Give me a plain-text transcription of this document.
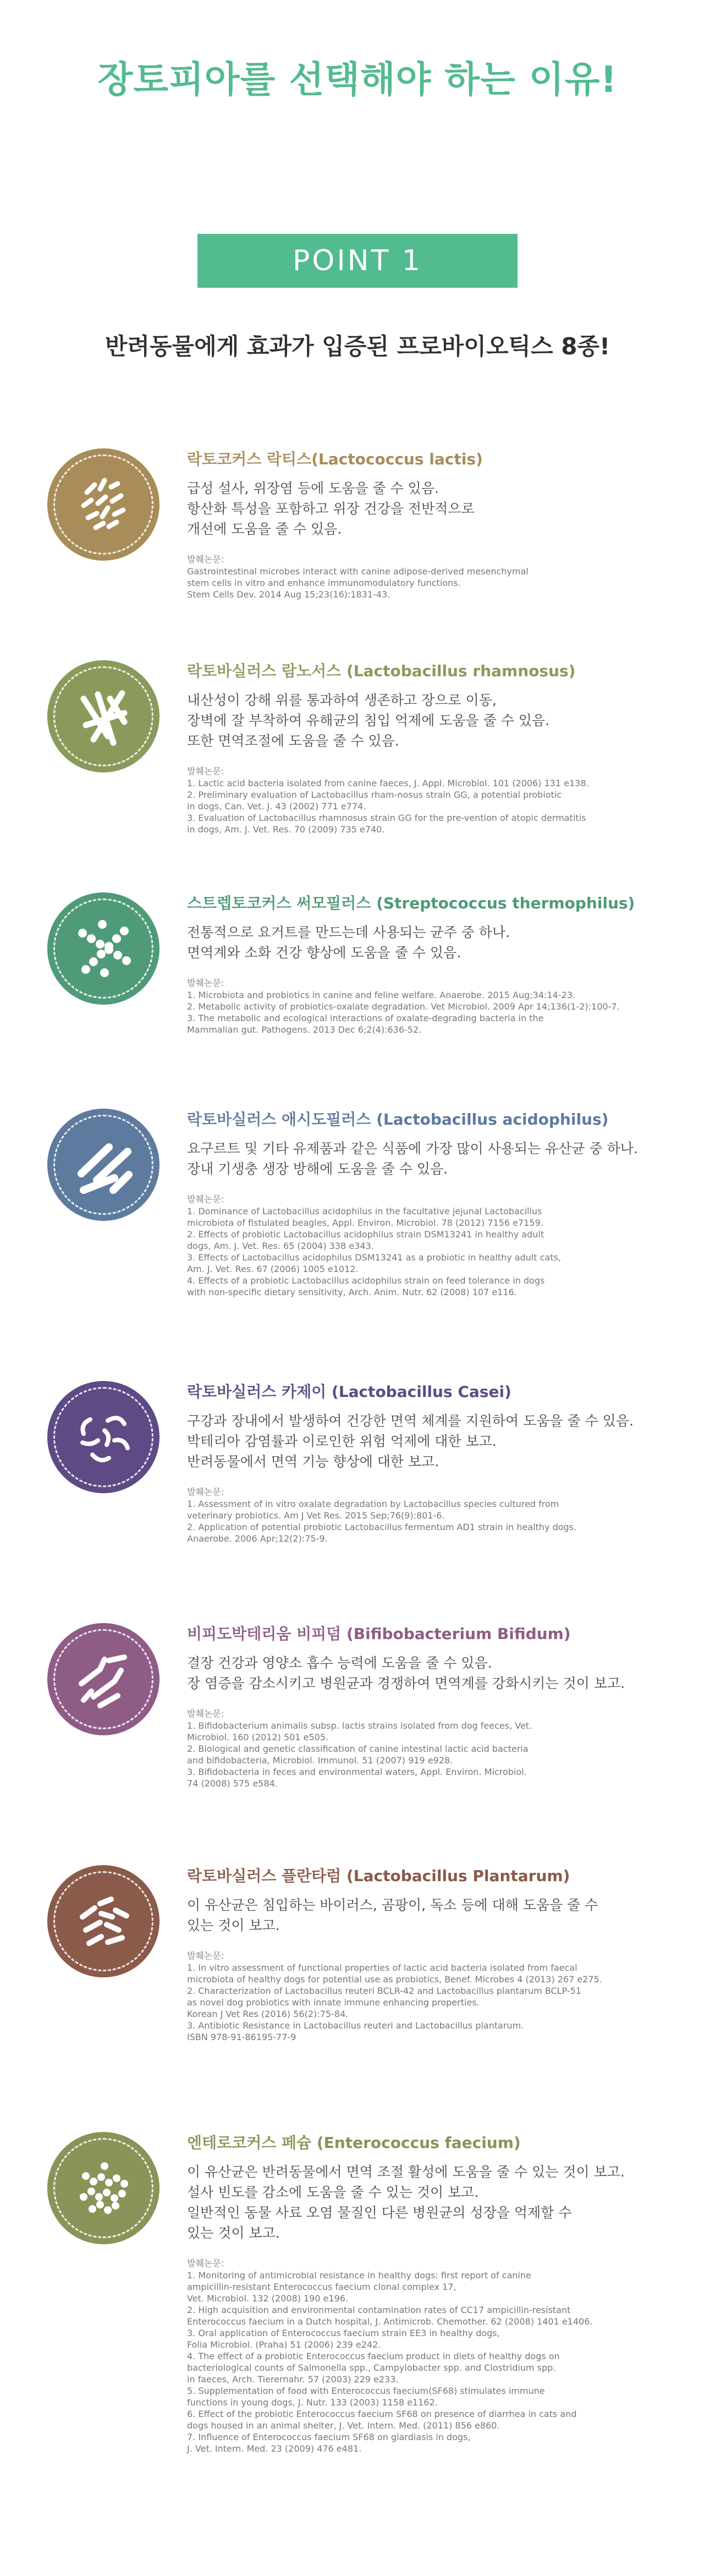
장토피아를 선택해야 하는 이유!
POINT 1
반려동물에게 효과가 입증된 프로바이오틱스 8종!
락토코커스 락티스(Lactococcus lactis)
급성 설사, 위장염 등에 도움을 줄 수 있음.
항산화 특성을 포함하고 위장 건강을 전반적으로
개선에 도움을 줄 수 있음.
발췌논문:
Gastrointestinal microbes interact with canine adipose-derived mesenchymal
stem cells in vitro and enhance immunomodulatory functions.
Stem Cells Dev. 2014 Aug 15;23(16):1831-43.
락토바실러스 람노서스 (Lactobacillus rhamnosus)
내산성이 강해 위를 통과하여 생존하고 장으로 이동,
장벽에 잘 부착하여 유해균의 침입 억제에 도움을 줄 수 있음.
또한 면역조절에 도움을 줄 수 있음.
발췌논문:
1. Lactic acid bacteria isolated from canine faeces, J. Appl. Microbiol. 101 (2006) 131 e138.
2. Preliminary evaluation of Lactobacillus rham-nosus strain GG, a potential probiotic
in dogs, Can. Vet. J. 43 (2002) 771 e774.
3. Evaluation of Lactobacillus rhamnosus strain GG for the pre-vention of atopic dermatitis
in dogs, Am. J. Vet. Res. 70 (2009) 735 e740.
스트렙토코커스 써모필러스 (Streptococcus thermophilus)
전통적으로 요거트를 만드는데 사용되는 균주 중 하나.
면역계와 소화 건강 향상에 도움을 줄 수 있음.
발췌논문:
1. Microbiota and probiotics in canine and feline welfare. Anaerobe. 2015 Aug;34:14-23.
2. Metabolic activity of probiotics-oxalate degradation. Vet Microbiol. 2009 Apr 14;136(1-2):100-7.
3. The metabolic and ecological interactions of oxalate-degrading bacteria in the
Mammalian gut. Pathogens. 2013 Dec 6;2(4):636-52.
락토바실러스 애시도필러스 (Lactobacillus acidophilus)
요구르트 및 기타 유제품과 같은 식품에 가장 많이 사용되는 유산균 중 하나.
장내 기생충 생장 방해에 도움을 줄 수 있음.
발췌논문:
1. Dominance of Lactobacillus acidophilus in the facultative jejunal Lactobacillus
microbiota of fistulated beagles, Appl. Environ. Microbiol. 78 (2012) 7156 e7159.
2. Effects of probiotic Lactobacillus acidophilus strain DSM13241 in healthy adult
dogs, Am. J. Vet. Res. 65 (2004) 338 e343.
3. Effects of Lactobacillus acidophilus DSM13241 as a probiotic in healthy adult cats,
Am. J. Vet. Res. 67 (2006) 1005 e1012.
4. Effects of a probiotic Lactobacillus acidophilus strain on feed tolerance in dogs
with non-specific dietary sensitivity, Arch. Anim. Nutr. 62 (2008) 107 e116.
락토바실러스 카제이 (Lactobacillus Casei)
구강과 장내에서 발생하여 건강한 면역 체계를 지원하여 도움을 줄 수 있음.
박테리아 감염률과 이로인한 위험 억제에 대한 보고.
반려동물에서 면역 기능 향상에 대한 보고.
발췌논문:
1. Assessment of in vitro oxalate degradation by Lactobacillus species cultured from
veterinary probiotics. Am J Vet Res. 2015 Sep;76(9):801-6.
2. Application of potential probiotic Lactobacillus fermentum AD1 strain in healthy dogs.
Anaerobe. 2006 Apr;12(2):75-9.
비피도박테리움 비피덤 (Bifibobacterium Bifidum)
결장 건강과 영양소 흡수 능력에 도움을 줄 수 있음.
장 염증을 감소시키고 병원균과 경쟁하여 면역계를 강화시키는 것이 보고.
발췌논문:
1. Bifidobacterium animalis subsp. lactis strains isolated from dog feeces, Vet.
Microbiol. 160 (2012) 501 e505.
2. Biological and genetic classification of canine intestinal lactic acid bacteria
and bifidobacteria, Microbiol. Immunol. 51 (2007) 919 e928.
3. Bifidobacteria in feces and environmental waters, Appl. Environ. Microbiol.
74 (2008) 575 e584.
락토바실러스 플란타럼 (Lactobacillus Plantarum)
이 유산균은 침입하는 바이러스, 곰팡이, 독소 등에 대해 도움을 줄 수
있는 것이 보고.
발췌논문:
1. In vitro assessment of functional properties of lactic acid bacteria isolated from faecal
microbiota of healthy dogs for potential use as probiotics, Benef. Microbes 4 (2013) 267 e275.
2. Characterization of Lactobacillus reuteri BCLR-42 and Lactobacillus plantarum BCLP-51
as novel dog probiotics with innate immune enhancing properties.
Korean J Vet Res (2016) 56(2):75-84.
3. Antibiotic Resistance in Lactobacillus reuteri and Lactobacillus plantarum.
ISBN 978-91-86195-77-9
엔테로코커스 페슘 (Enterococcus faecium)
이 유산균은 반려동물에서 면역 조절 활성에 도움을 줄 수 있는 것이 보고.
설사 빈도를 감소에 도움을 줄 수 있는 것이 보고.
일반적인 동물 사료 오염 물질인 다른 병원균의 성장을 억제할 수
있는 것이 보고.
발췌논문:
1. Monitoring of antimicrobial resistance in healthy dogs: first report of canine
ampicillin-resistant Enterococcus faecium clonal complex 17,
Vet. Microbiol. 132 (2008) 190 e196.
2. High acquisition and environmental contamination rates of CC17 ampicillin-resistant
Enterococcus faecium in a Dutch hospital, J. Antimicrob. Chemother. 62 (2008) 1401 e1406.
3. Oral application of Enterococcus faecium strain EE3 in healthy dogs,
Folia Microbiol. (Praha) 51 (2006) 239 e242.
4. The effect of a probiotic Enterococcus faecium product in diets of healthy dogs on
bacteriological counts of Salmonella spp., Campylobacter spp. and Clostridium spp.
in faeces, Arch. Tierernahr. 57 (2003) 229 e233.
5. Supplementation of food with Enterococcus faecium(SF68) stimulates immune
functions in young dogs, J. Nutr. 133 (2003) 1158 e1162.
6. Effect of the probiotic Enterococcus faecium SF68 on presence of diarrhea in cats and
dogs housed in an animal shelter, J. Vet. Intern. Med. (2011) 856 e860.
7. Influence of Enterococcus faecium SF68 on giardiasis in dogs,
J. Vet. Intern. Med. 23 (2009) 476 e481.
